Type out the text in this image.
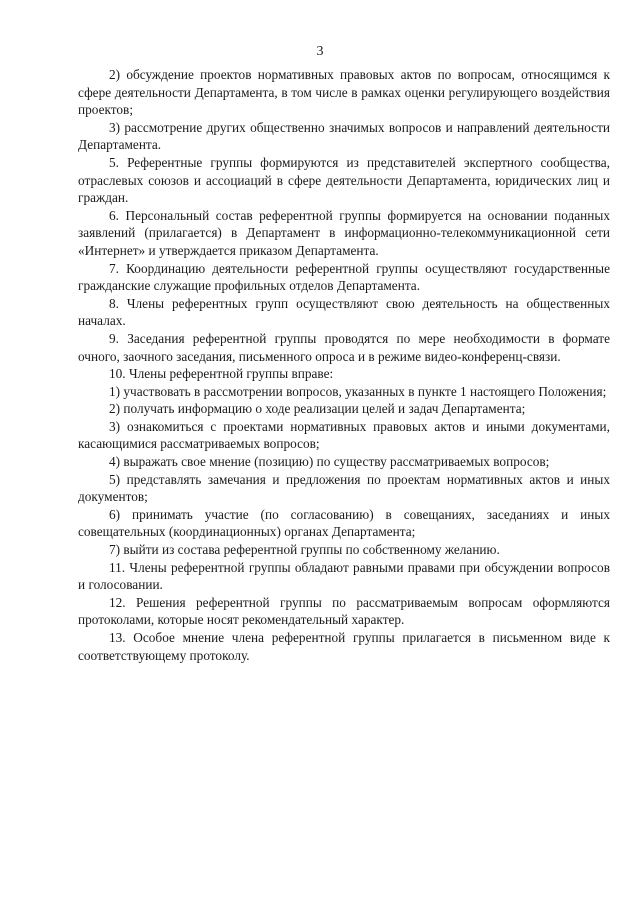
3

2) обсуждение проектов нормативных правовых актов по вопросам, относящимся к сфере деятельности Департамента, в том числе в рамках оценки регулирующего воздействия проектов;

3) рассмотрение других общественно значимых вопросов и направлений деятельности Департамента.

5. Референтные группы формируются из представителей экспертного сообщества, отраслевых союзов и ассоциаций в сфере деятельности Департамента, юридических лиц и граждан.

6. Персональный состав референтной группы формируется на основании поданных заявлений (прилагается) в Департамент в информационно-телекоммуникационной сети «Интернет» и утверждается приказом Департамента.

7. Координацию деятельности референтной группы осуществляют государственные гражданские служащие профильных отделов Департамента.

8. Члены референтных групп осуществляют свою деятельность на общественных началах.

9. Заседания референтной группы проводятся по мере необходимости в формате очного, заочного заседания, письменного опроса и в режиме видео-конференц-связи.

10. Члены референтной группы вправе:

1) участвовать в рассмотрении вопросов, указанных в пункте 1 настоящего Положения;

2) получать информацию о ходе реализации целей и задач Департамента;

3) ознакомиться с проектами нормативных правовых актов и иными документами, касающимися рассматриваемых вопросов;

4) выражать свое мнение (позицию) по существу рассматриваемых вопросов;

5) представлять замечания и предложения по проектам нормативных актов и иных документов;

6) принимать участие (по согласованию) в совещаниях, заседаниях и иных совещательных (координационных) органах Департамента;

7) выйти из состава референтной группы по собственному желанию.

11. Члены референтной группы обладают равными правами при обсуждении вопросов и голосовании.

12. Решения референтной группы по рассматриваемым вопросам оформляются протоколами, которые носят рекомендательный характер.

13. Особое мнение члена референтной группы прилагается в письменном виде к соответствующему протоколу.
